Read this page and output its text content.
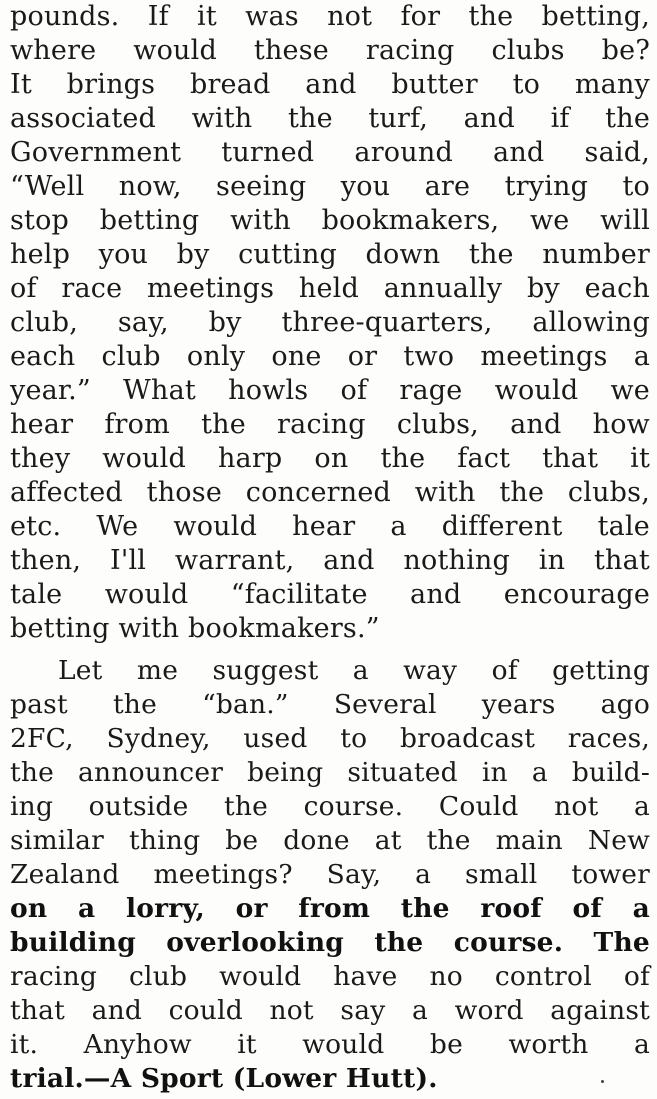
pounds. If it was not for the betting,
where would these racing clubs be?
It brings bread and butter to many
associated with the turf, and if the
Government turned around and said,
“Well now, seeing you are trying to
stop betting with bookmakers, we will
help you by cutting down the number
of race meetings held annually by each
club, say, by three-quarters, allowing
each club only one or two meetings a
year.” What howls of rage would we
hear from the racing clubs, and how
they would harp on the fact that it
affected those concerned with the clubs,
etc. We would hear a different tale
then, I'll warrant, and nothing in that
tale would “facilitate and encourage
betting with bookmakers.”
Let me suggest a way of getting
past the “ban.” Several years ago
2FC, Sydney, used to broadcast races,
the announcer being situated in a build-
ing outside the course. Could not a
similar thing be done at the main New
Zealand meetings? Say, a small tower
on a lorry, or from the roof of a
building overlooking the course. The
racing club would have no control of
that and could not say a word against
it. Anyhow it would be worth a
trial.—A Sport (Lower Hutt).
